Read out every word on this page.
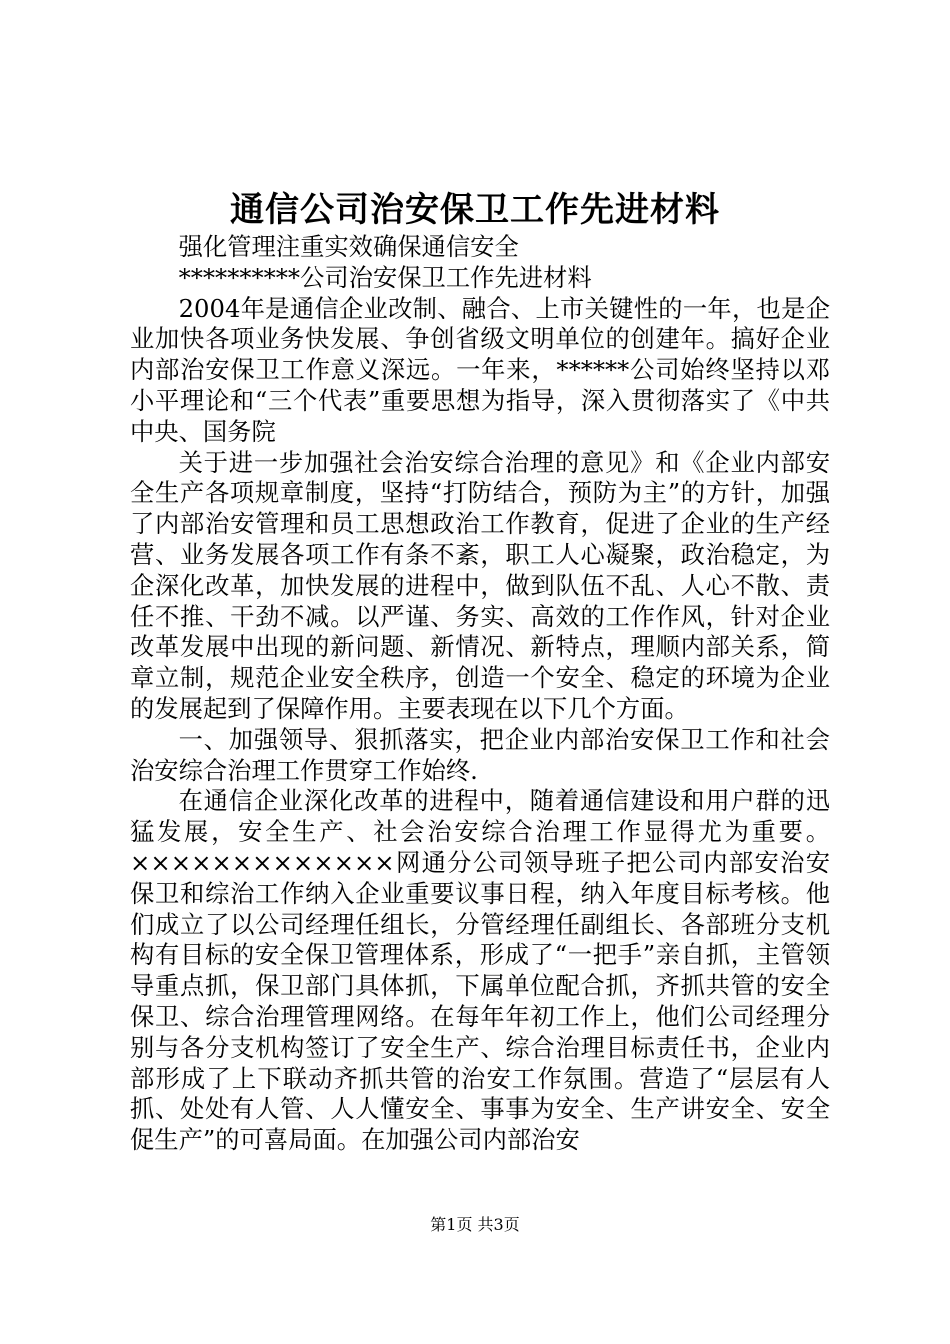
通信公司治安保卫工作先进材料

强化管理注重实效确保通信安全

**********公司治安保卫工作先进材料

2004年是通信企业改制、融合、上市关键性的一年，也是企业加快各项业务快发展、争创省级文明单位的创建年。搞好企业内部治安保卫工作意义深远。一年来，******公司始终坚持以邓小平理论和“三个代表”重要思想为指导，深入贯彻落实了《中共中央、国务院

关于进一步加强社会治安综合治理的意见》和《企业内部安全生产各项规章制度，坚持“打防结合，预防为主”的方针，加强了内部治安管理和员工思想政治工作教育，促进了企业的生产经营、业务发展各项工作有条不紊，职工人心凝聚，政治稳定，为企深化改革，加快发展的进程中，做到队伍不乱、人心不散、责任不推、干劲不减。以严谨、务实、高效的工作作风，针对企业改革发展中出现的新问题、新情况、新特点，理顺内部关系，简章立制，规范企业安全秩序，创造一个安全、稳定的环境为企业的发展起到了保障作用。主要表现在以下几个方面。

一、加强领导、狠抓落实，把企业内部治安保卫工作和社会治安综合治理工作贯穿工作始终.

在通信企业深化改革的进程中，随着通信建设和用户群的迅猛发展，安全生产、社会治安综合治理工作显得尤为重要。×××××××××××××网通分公司领导班子把公司内部安治安保卫和综治工作纳入企业重要议事日程，纳入年度目标考核。他们成立了以公司经理任组长，分管经理任副组长、各部班分支机构有目标的安全保卫管理体系，形成了“一把手”亲自抓，主管领导重点抓，保卫部门具体抓，下属单位配合抓，齐抓共管的安全保卫、综合治理管理网络。在每年年初工作上，他们公司经理分别与各分支机构签订了安全生产、综合治理目标责任书，企业内部形成了上下联动齐抓共管的治安工作氛围。营造了“层层有人抓、处处有人管、人人懂安全、事事为安全、生产讲安全、安全促生产”的可喜局面。在加强公司内部治安

第1页 共3页
